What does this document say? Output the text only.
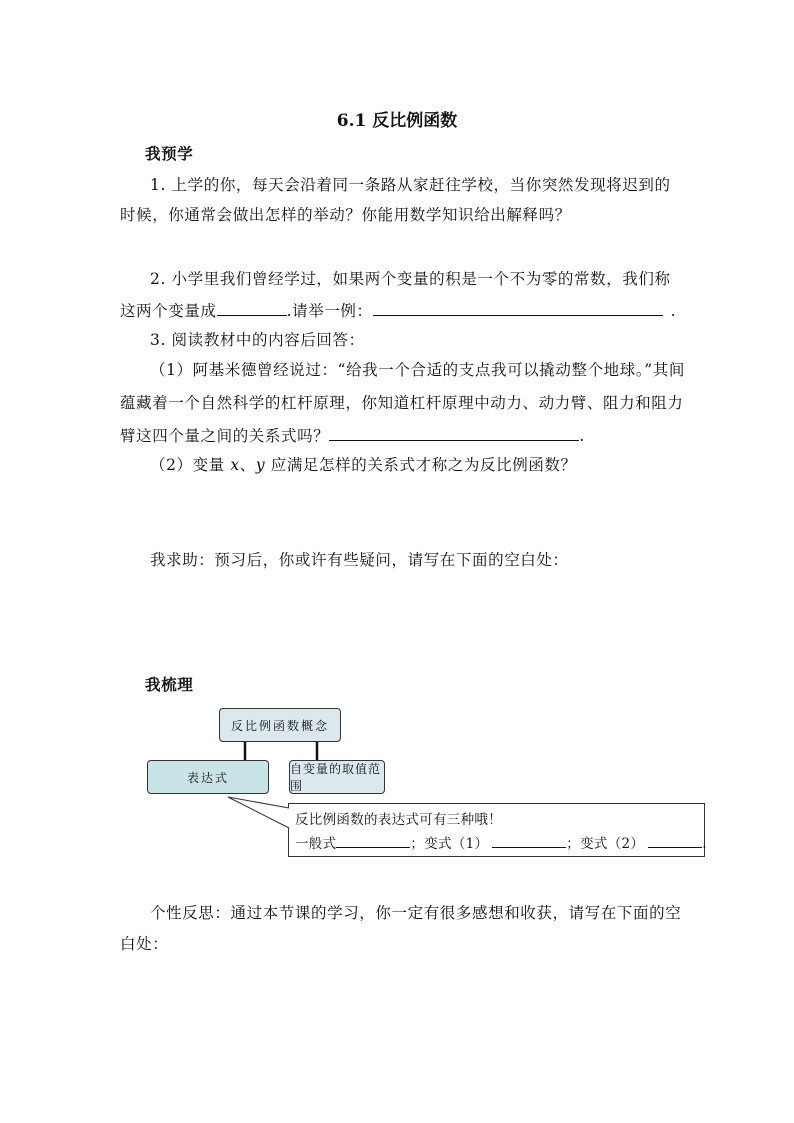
6.1 反比例函数
我预学
1. 上学的你，每天会沿着同一条路从家赶往学校，当你突然发现将迟到的
时候，你通常会做出怎样的举动？你能用数学知识给出解释吗？
2. 小学里我们曾经学过，如果两个变量的积是一个不为零的常数，我们称
这两个变量成	.请举一例：	.
3. 阅读教材中的内容后回答：
（1）阿基米德曾经说过：“给我一个合适的支点我可以撬动整个地球。”其间
蕴藏着一个自然科学的杠杆原理，你知道杠杆原理中动力、动力臂、阻力和阻力
臂这四个量之间的关系式吗？	.
（2）变量 x、y 应满足怎样的关系式才称之为反比例函数？
我求助：预习后，你或许有些疑问，请写在下面的空白处：
我梳理
反比例函数概念
表达式
自变量的取值范围
反比例函数的表达式可有三种哦！
一般式	；变式（1）	；变式（2）	.
个性反思：通过本节课的学习，你一定有很多感想和收获，请写在下面的空
白处：
